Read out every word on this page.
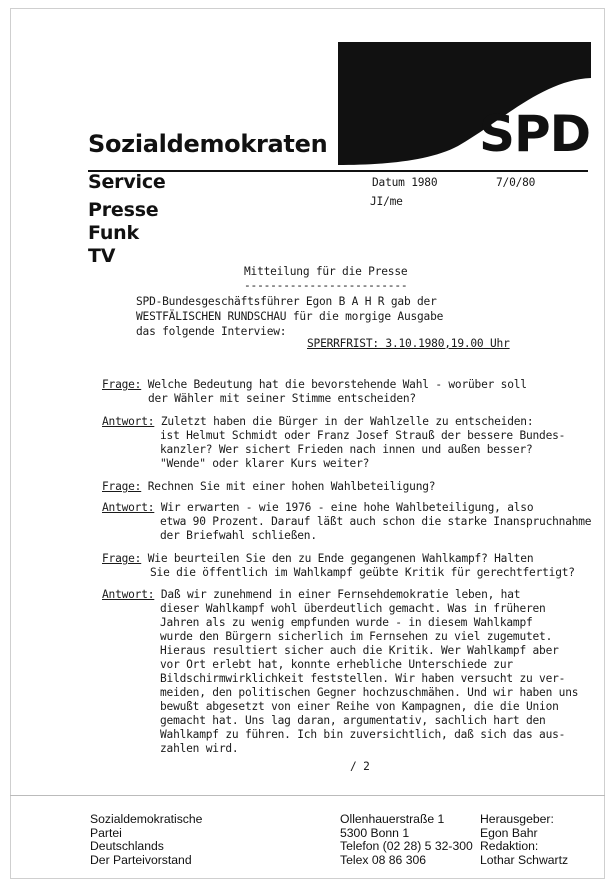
SPD
Sozialdemokraten
Service
Presse
Funk
TV
Datum 1980	7/0/80
JI/me
Mitteilung für die Presse
-------------------------
SPD-Bundesgeschäftsführer Egon B A H R gab der
WESTFÄLISCHEN RUNDSCHAU für die morgige Ausgabe
das folgende Interview:
SPERRFRIST: 3.10.1980,19.00 Uhr
Frage: Welche Bedeutung hat die bevorstehende Wahl - worüber soll
der Wähler mit seiner Stimme entscheiden?
Antwort: Zuletzt haben die Bürger in der Wahlzelle zu entscheiden:
ist Helmut Schmidt oder Franz Josef Strauß der bessere Bundes-
kanzler? Wer sichert Frieden nach innen und außen besser?
"Wende" oder klarer Kurs weiter?
Frage: Rechnen Sie mit einer hohen Wahlbeteiligung?
Antwort: Wir erwarten - wie 1976 - eine hohe Wahlbeteiligung, also
etwa 90 Prozent. Darauf läßt auch schon die starke Inanspruchnahme
der Briefwahl schließen.
Frage: Wie beurteilen Sie den zu Ende gegangenen Wahlkampf? Halten
Sie die öffentlich im Wahlkampf geübte Kritik für gerechtfertigt?
Antwort: Daß wir zunehmend in einer Fernsehdemokratie leben, hat
dieser Wahlkampf wohl überdeutlich gemacht. Was in früheren
Jahren als zu wenig empfunden wurde - in diesem Wahlkampf
wurde den Bürgern sicherlich im Fernsehen zu viel zugemutet.
Hieraus resultiert sicher auch die Kritik. Wer Wahlkampf aber
vor Ort erlebt hat, konnte erhebliche Unterschiede zur
Bildschirmwirklichkeit feststellen. Wir haben versucht zu ver-
meiden, den politischen Gegner hochzuschmähen. Und wir haben uns
bewußt abgesetzt von einer Reihe von Kampagnen, die die Union
gemacht hat. Uns lag daran, argumentativ, sachlich hart den
Wahlkampf zu führen. Ich bin zuversichtlich, daß sich das aus-
zahlen wird.
/ 2
Sozialdemokratische
Partei
Deutschlands
Der Parteivorstand
Ollenhauerstraße 1
5300 Bonn 1
Telefon (02 28) 5 32-300
Telex 08 86 306
Herausgeber:
Egon Bahr
Redaktion:
Lothar Schwartz
